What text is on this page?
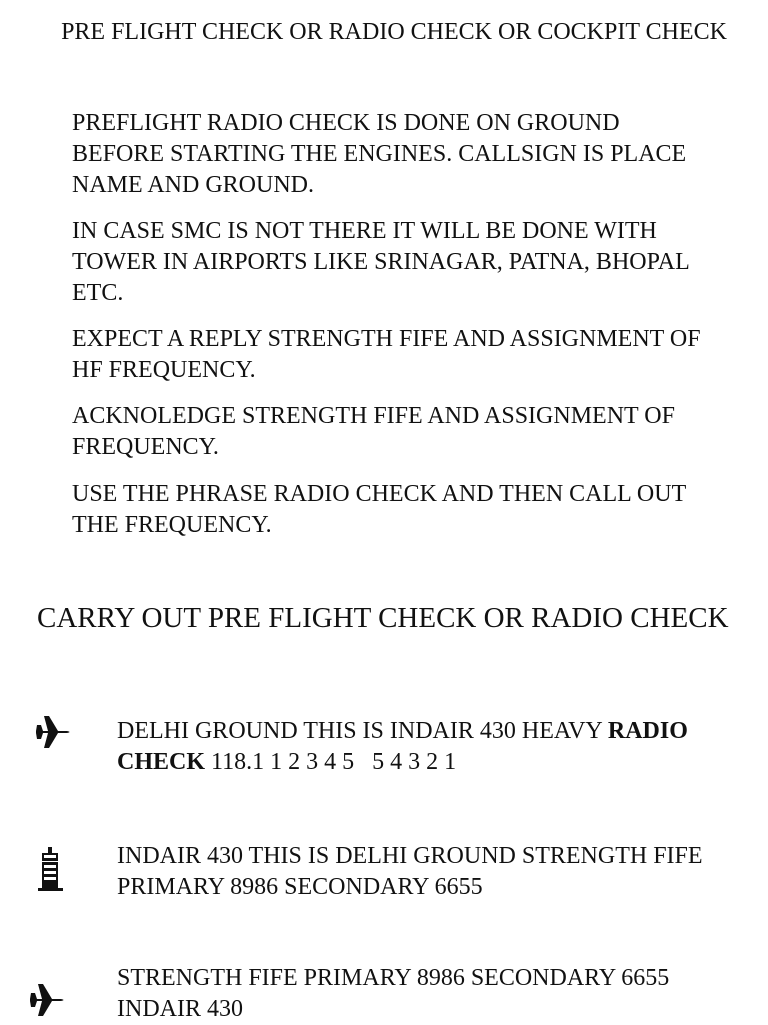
PRE FLIGHT CHECK OR RADIO CHECK OR COCKPIT CHECK

PREFLIGHT RADIO CHECK IS DONE ON GROUND BEFORE STARTING THE ENGINES. CALLSIGN IS PLACE NAME AND GROUND.

IN CASE SMC IS NOT THERE IT WILL BE DONE WITH TOWER IN AIRPORTS LIKE SRINAGAR, PATNA, BHOPAL ETC.

EXPECT A REPLY STRENGTH FIFE AND ASSIGNMENT OF HF FREQUENCY.

ACKNOLEDGE STRENGTH FIFE AND ASSIGNMENT OF FREQUENCY.

USE THE PHRASE RADIO CHECK AND THEN CALL OUT THE FREQUENCY.

CARRY OUT PRE FLIGHT CHECK OR RADIO CHECK

DELHI GROUND THIS IS INDAIR 430 HEAVY RADIO CHECK 118.1 1 2 3 4 5   5 4 3 2 1

INDAIR 430 THIS IS DELHI GROUND STRENGTH FIFE PRIMARY 8986 SECONDARY 6655

STRENGTH FIFE PRIMARY 8986 SECONDARY 6655 INDAIR 430
